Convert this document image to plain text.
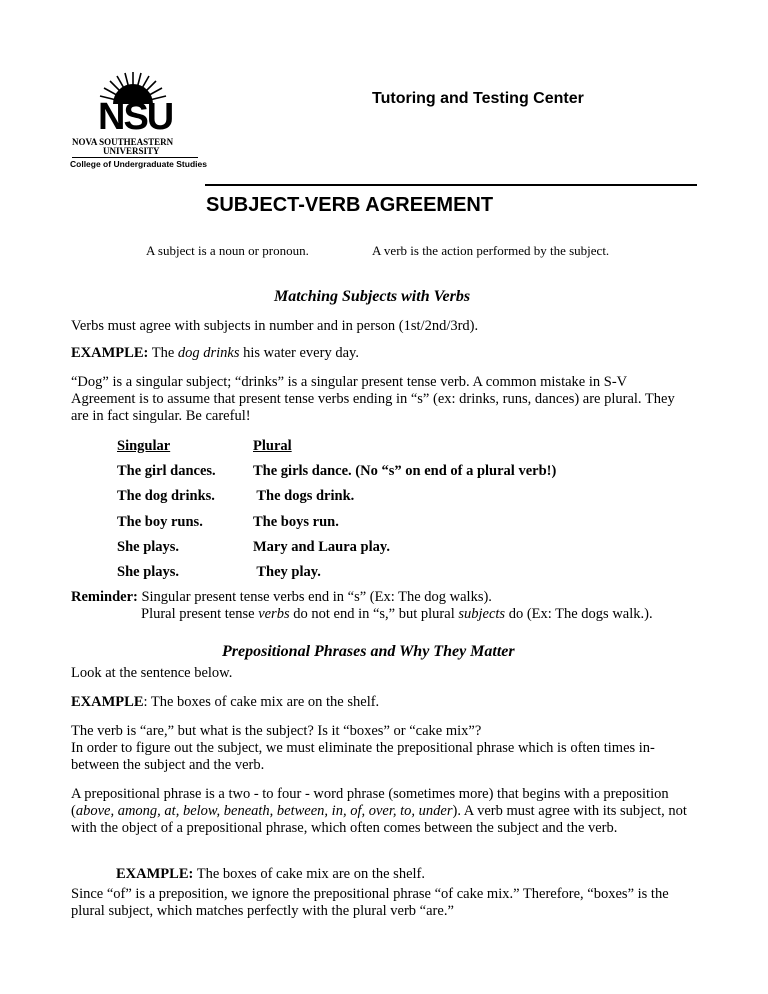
NSU
NOVA SOUTHEASTERN
UNIVERSITY
College of Undergraduate Studies
Tutoring and Testing Center
SUBJECT-VERB AGREEMENT
A subject is a noun or pronoun.	A verb is the action performed by the subject.
Matching Subjects with Verbs
Verbs must agree with subjects in number and in person (1st/2nd/3rd).
EXAMPLE: The dog drinks his water every day.
“Dog” is a singular subject; “drinks” is a singular present tense verb. A common mistake in S-V Agreement is to assume that present tense verbs ending in “s” (ex: drinks, runs, dances) are plural. They are in fact singular. Be careful!
Singular	Plural
The girl dances.	The girls dance. (No “s” on end of a plural verb!)
The dog drinks.	The dogs drink.
The boy runs.	The boys run.
She plays.	Mary and Laura play.
She plays.	They play.
Reminder: Singular present tense verbs end in “s” (Ex: The dog walks).
Plural present tense verbs do not end in “s,” but plural subjects do (Ex: The dogs walk.).
Prepositional Phrases and Why They Matter
Look at the sentence below.
EXAMPLE: The boxes of cake mix are on the shelf.
The verb is “are,” but what is the subject? Is it “boxes” or “cake mix”?
In order to figure out the subject, we must eliminate the prepositional phrase which is often times in-between the subject and the verb.
A prepositional phrase is a two - to four - word phrase (sometimes more) that begins with a preposition (above, among, at, below, beneath, between, in, of, over, to, under). A verb must agree with its subject, not with the object of a prepositional phrase, which often comes between the subject and the verb.
EXAMPLE: The boxes of cake mix are on the shelf.
Since “of” is a preposition, we ignore the prepositional phrase “of cake mix.” Therefore, “boxes” is the plural subject, which matches perfectly with the plural verb “are.”
